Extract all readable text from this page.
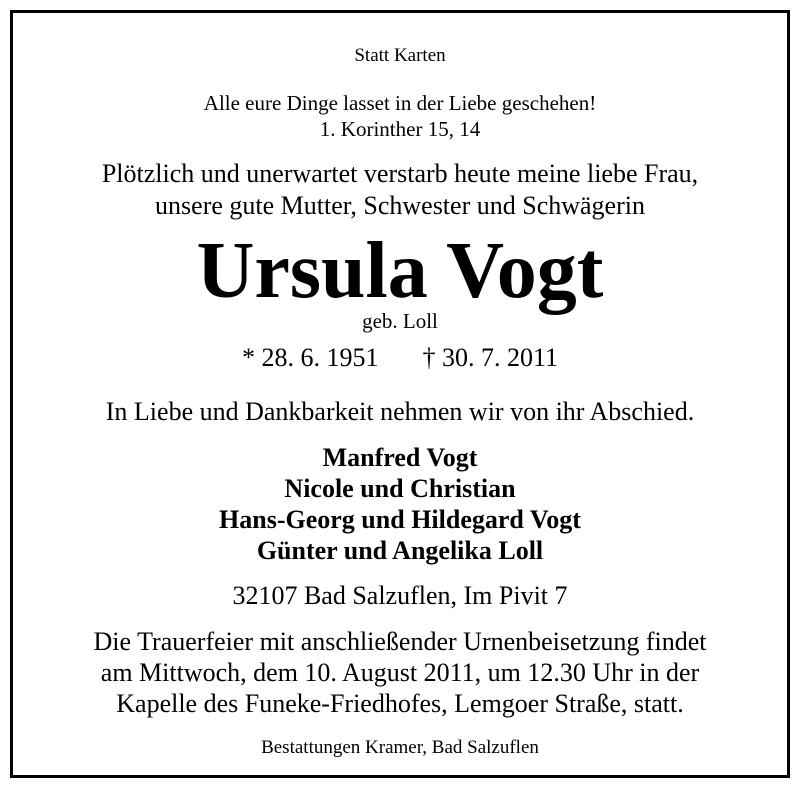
Statt Karten
Alle eure Dinge lasset in der Liebe geschehen!
1. Korinther 15, 14
Plötzlich und unerwartet verstarb heute meine liebe Frau,
unsere gute Mutter, Schwester und Schwägerin
Ursula Vogt
geb. Loll
* 28. 6. 1951 † 30. 7. 2011
In Liebe und Dankbarkeit nehmen wir von ihr Abschied.
Manfred Vogt
Nicole und Christian
Hans-Georg und Hildegard Vogt
Günter und Angelika Loll
32107 Bad Salzuflen, Im Pivit 7
Die Trauerfeier mit anschließender Urnenbeisetzung findet
am Mittwoch, dem 10. August 2011, um 12.30 Uhr in der
Kapelle des Funeke-Friedhofes, Lemgoer Straße, statt.
Bestattungen Kramer, Bad Salzuflen
